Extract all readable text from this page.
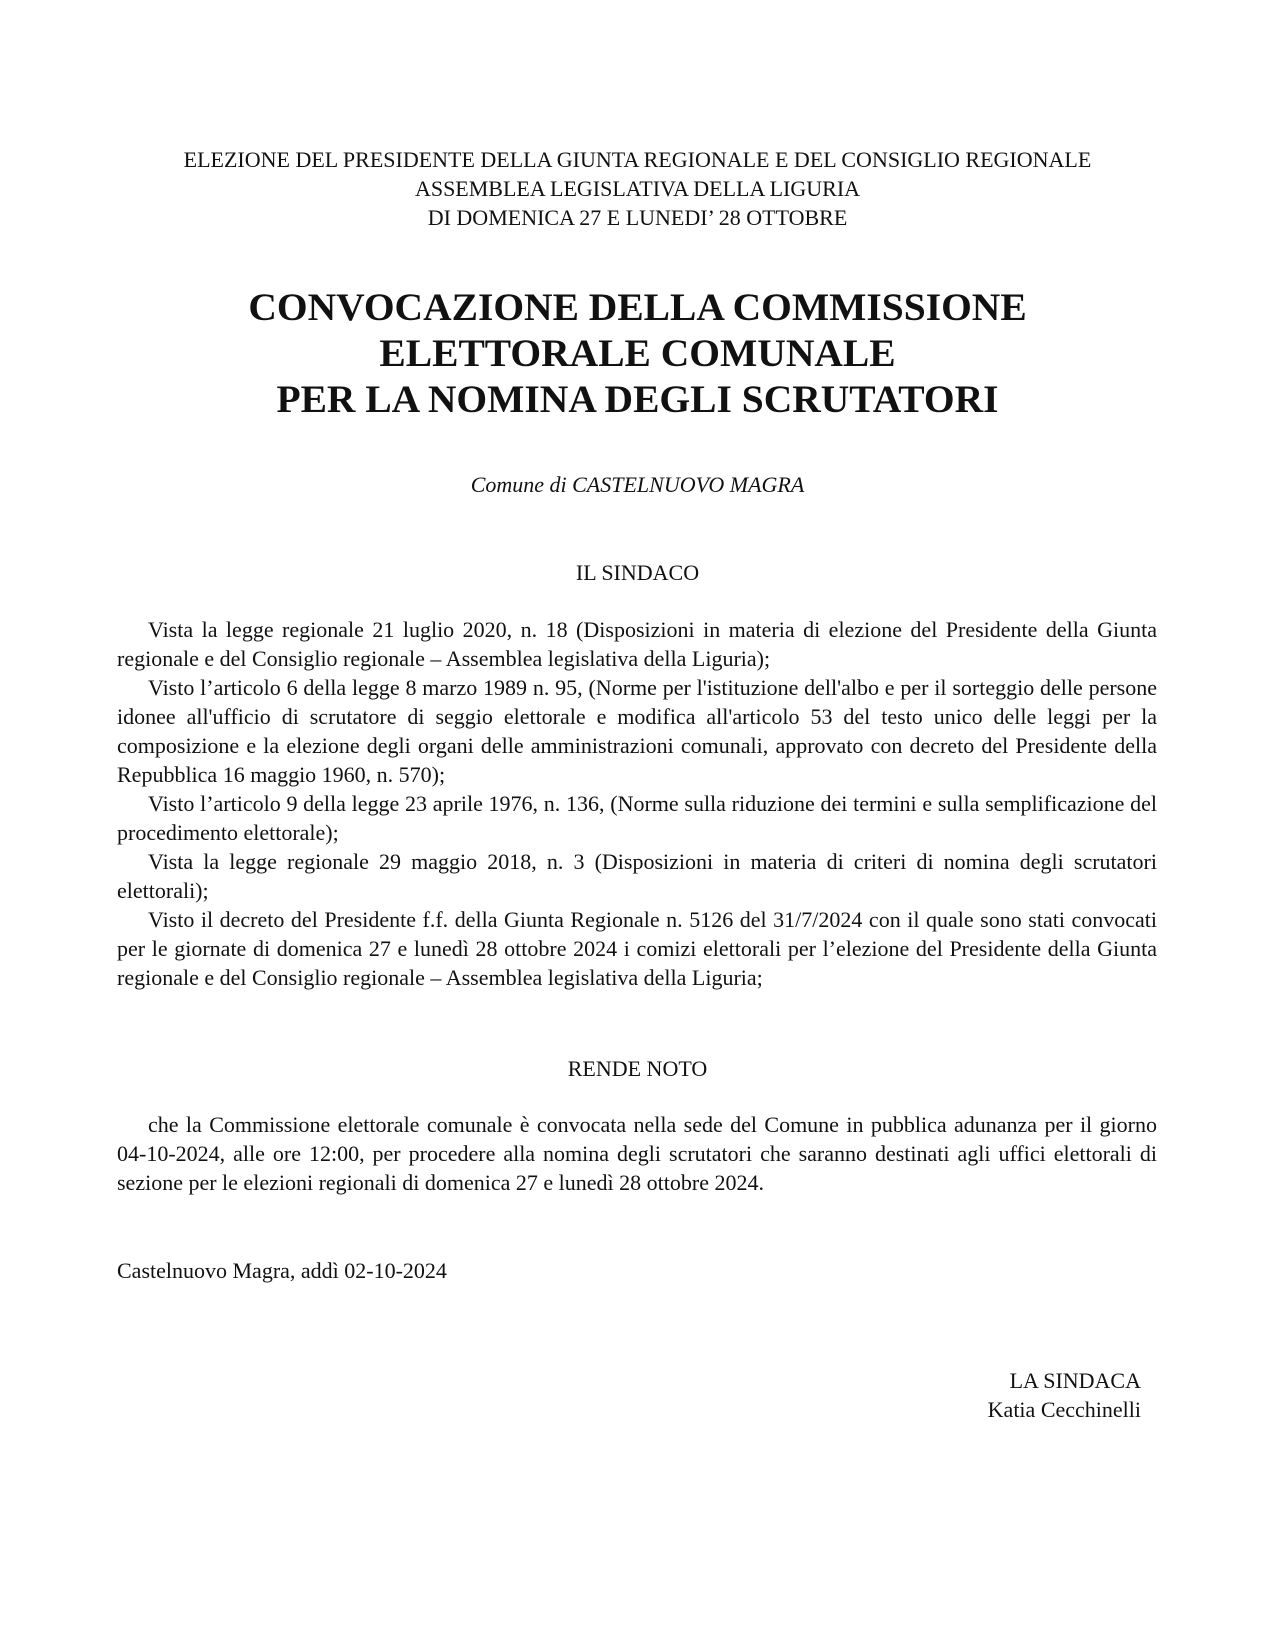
ELEZIONE DEL PRESIDENTE DELLA GIUNTA REGIONALE E DEL CONSIGLIO REGIONALE
ASSEMBLEA LEGISLATIVA DELLA LIGURIA
DI DOMENICA 27 E LUNEDI’ 28 OTTOBRE
CONVOCAZIONE DELLA COMMISSIONE
ELETTORALE COMUNALE
PER LA NOMINA DEGLI SCRUTATORI
Comune di CASTELNUOVO MAGRA
IL SINDACO

Vista la legge regionale 21 luglio 2020, n. 18 (Disposizioni in materia di elezione del Presidente della Giunta regionale e del Consiglio regionale – Assemblea legislativa della Liguria);

Visto l’articolo 6 della legge 8 marzo 1989 n. 95, (Norme per l'istituzione dell'albo e per il sorteggio delle persone idonee all'ufficio di scrutatore di seggio elettorale e modifica all'articolo 53 del testo unico delle leggi per la composizione e la elezione degli organi delle amministrazioni comunali, approvato con decreto del Presidente della Repubblica 16 maggio 1960, n. 570);

Visto l’articolo 9 della legge 23 aprile 1976, n. 136, (Norme sulla riduzione dei termini e sulla semplificazione del procedimento elettorale);

Vista la legge regionale 29 maggio 2018, n. 3 (Disposizioni in materia di criteri di nomina degli scrutatori elettorali);

Visto il decreto del Presidente f.f. della Giunta Regionale n. 5126 del 31/7/2024 con il quale sono stati convocati per le giornate di domenica 27 e lunedì 28 ottobre 2024 i comizi elettorali per l’elezione del Presidente della Giunta regionale e del Consiglio regionale – Assemblea legislativa della Liguria;

RENDE NOTO

che la Commissione elettorale comunale è convocata nella sede del Comune in pubblica adunanza per il giorno 04-10-2024, alle ore 12:00, per procedere alla nomina degli scrutatori che saranno destinati agli uffici elettorali di sezione per le elezioni regionali di domenica 27 e lunedì 28 ottobre 2024.

Castelnuovo Magra, addì 02-10-2024
LA SINDACA
Katia Cecchinelli
